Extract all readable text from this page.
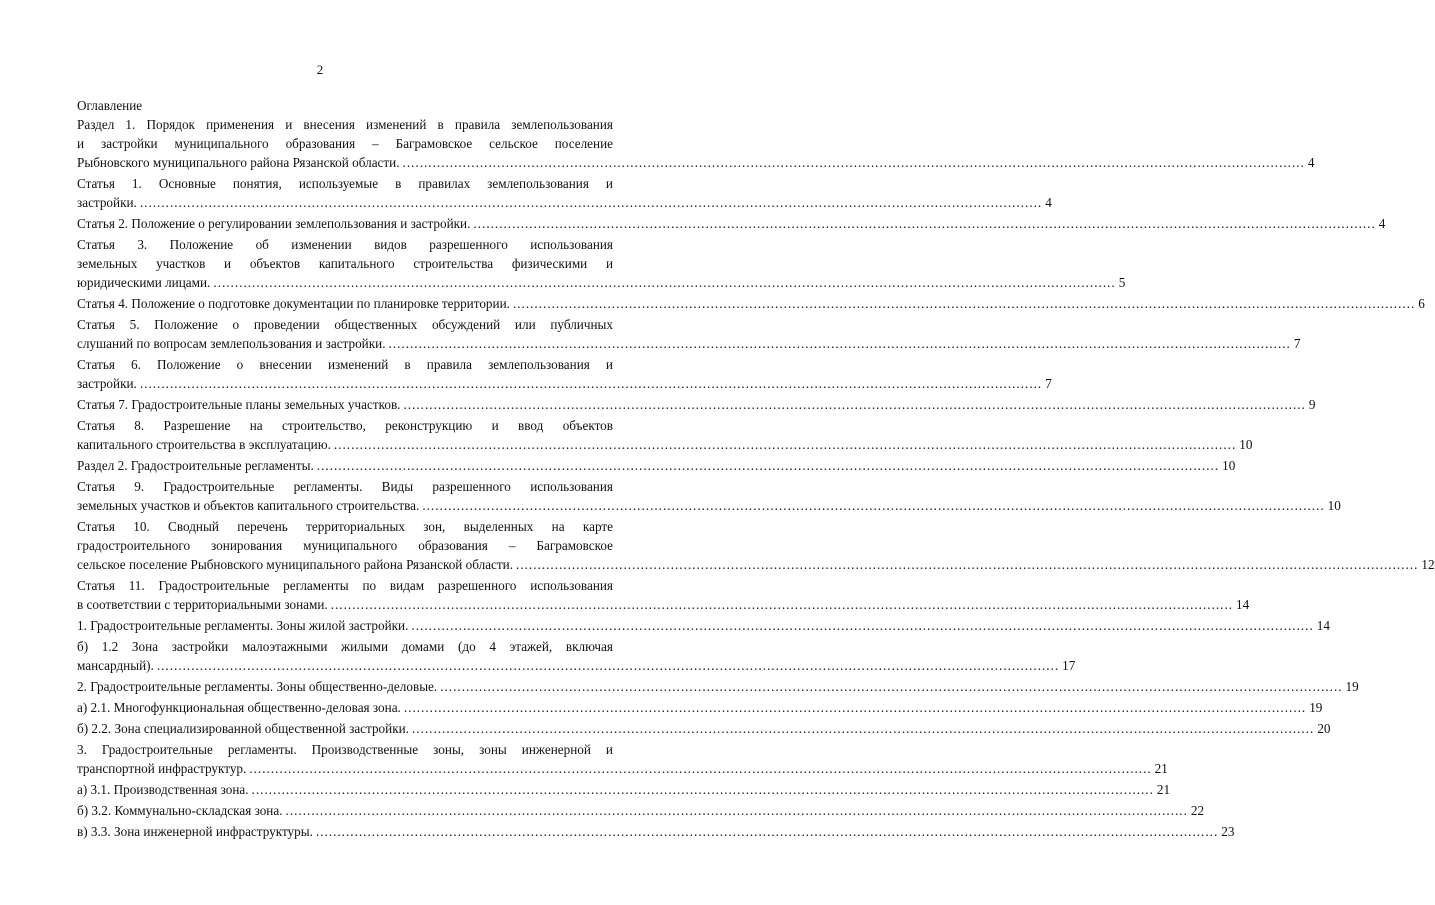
2
Оглавление
Раздел 1. Порядок применения и внесения изменений в правила землепользования
и застройки муниципального образования – Баграмовское сельское поселение
Рыбновского муниципального района Рязанской области. .....	4
Статья 1. Основные понятия, используемые в правилах землепользования и
застройки. .....	4
Статья 2. Положение о регулировании землепользования и застройки. .....	4
Статья 3. Положение об изменении видов разрешенного использования
земельных участков и объектов капитального строительства физическими и
юридическими лицами. .....	5
Статья 4. Положение о подготовке документации по планировке территории. .....	6
Статья 5. Положение о проведении общественных обсуждений или публичных
слушаний по вопросам землепользования и застройки. .....	7
Статья 6. Положение о внесении изменений в правила землепользования и
застройки. .....	7
Статья 7. Градостроительные планы земельных участков. .....	9
Статья 8. Разрешение на строительство, реконструкцию и ввод объектов
капитального строительства в эксплуатацию. .....	10
Раздел 2. Градостроительные регламенты. .....	10
Статья 9. Градостроительные регламенты. Виды разрешенного использования
земельных участков и объектов капитального строительства. .....	10
Статья 10. Сводный перечень территориальных зон, выделенных на карте
градостроительного зонирования муниципального образования – Баграмовское
сельское поселение Рыбновского муниципального района Рязанской области. .....	12
Статья 11. Градостроительные регламенты по видам разрешенного использования
в соответствии с территориальными зонами. .....	14
1. Градостроительные регламенты. Зоны жилой застройки. .....	14
б) 1.2 Зона застройки малоэтажными жилыми домами (до 4 этажей, включая
мансардный). .....	17
2. Градостроительные регламенты. Зоны общественно-деловые. .....	19
а) 2.1. Многофункциональная общественно-деловая зона. .....	19
б) 2.2. Зона специализированной общественной застройки. .....	20
3. Градостроительные регламенты. Производственные зоны, зоны инженерной и
транспортной инфраструктур. .....	21
а) 3.1. Производственная зона. .....	21
б) 3.2. Коммунально-складская зона. .....	22
в) 3.3. Зона инженерной инфраструктуры. .....	23
